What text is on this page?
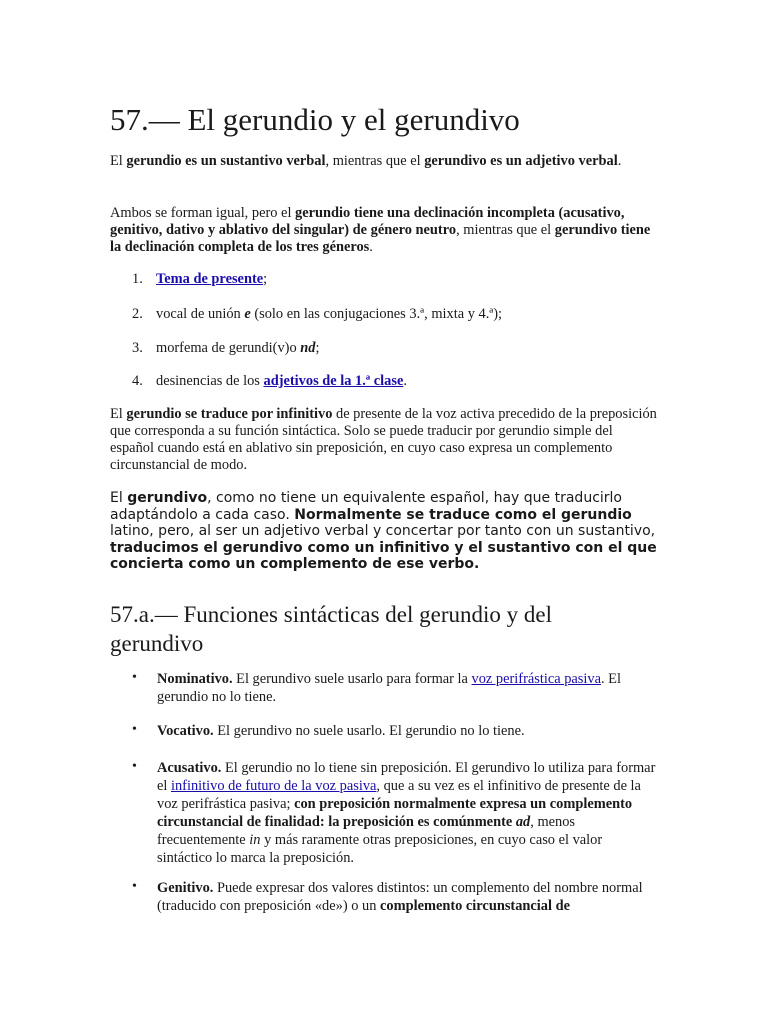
57.— El gerundio y el gerundivo

El gerundio es un sustantivo verbal, mientras que el gerundivo es un adjetivo verbal.

Ambos se forman igual, pero el gerundio tiene una declinación incompleta (acusativo, genitivo, dativo y ablativo del singular) de género neutro, mientras que el gerundivo tiene la declinación completa de los tres géneros.

1. Tema de presente;
2. vocal de unión e (solo en las conjugaciones 3.ª, mixta y 4.ª);
3. morfema de gerundi(v)o nd;
4. desinencias de los adjetivos de la 1.ª clase.

El gerundio se traduce por infinitivo de presente de la voz activa precedido de la preposición que corresponda a su función sintáctica. Solo se puede traducir por gerundio simple del español cuando está en ablativo sin preposición, en cuyo caso expresa un complemento circunstancial de modo.

El gerundivo, como no tiene un equivalente español, hay que traducirlo adaptándolo a cada caso. Normalmente se traduce como el gerundio latino, pero, al ser un adjetivo verbal y concertar por tanto con un sustantivo, traducimos el gerundivo como un infinitivo y el sustantivo con el que concierta como un complemento de ese verbo.

57.a.— Funciones sintácticas del gerundio y del gerundivo
•	Nominativo. El gerundivo suele usarlo para formar la voz perifrástica pasiva. El gerundio no lo tiene.
•	Vocativo. El gerundivo no suele usarlo. El gerundio no lo tiene.
•	Acusativo. El gerundio no lo tiene sin preposición. El gerundivo lo utiliza para formar el infinitivo de futuro de la voz pasiva, que a su vez es el infinitivo de presente de la voz perifrástica pasiva; con preposición normalmente expresa un complemento circunstancial de finalidad: la preposición es comúnmente ad, menos frecuentemente in y más raramente otras preposiciones, en cuyo caso el valor sintáctico lo marca la preposición.
•	Genitivo. Puede expresar dos valores distintos: un complemento del nombre normal (traducido con preposición «de») o un complemento circunstancial de
